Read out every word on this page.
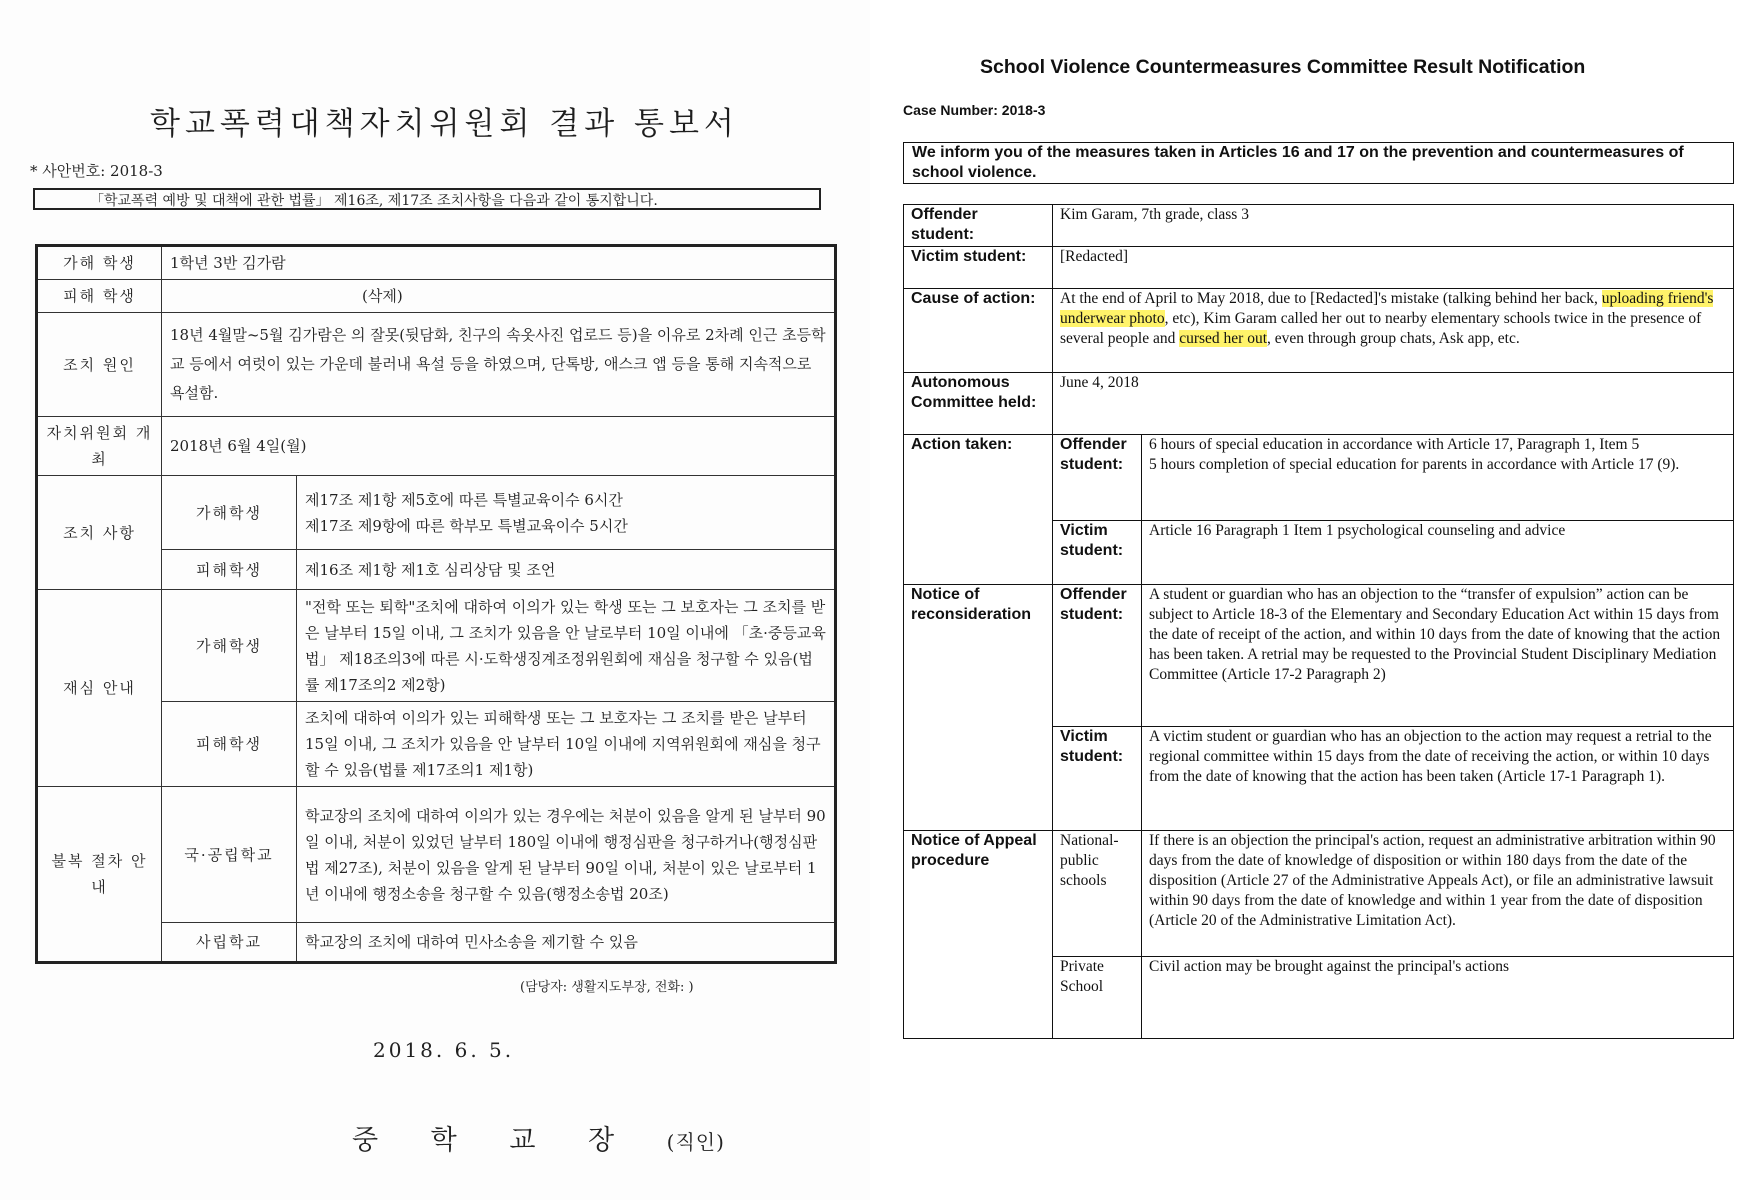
학교폭력대책자치위원회 결과 통보서
* 사안번호: 2018-3
「학교폭력 예방 및 대책에 관한 법률」 제16조, 제17조 조치사항을 다음과 같이 통지합니다.
가해 학생	1학년 3반 김가람	
피해 학생	(삭제)	
조치 원인	18년 4월말~5월 김가람은 의 잘못(뒷담화, 친구의 속옷사진 업로드 등)을 이유로 2차례 인근 초등학교 등에서 여럿이 있는 가운데 불러내 욕설 등을 하였으며, 단톡방, 애스크 앱 등을 통해 지속적으로 욕설함.	
자치위원회 개최	2018년 6월 4일(월)	
조치 사항	가해학생	제17조 제1항 제5호에 따른 특별교육이수 6시간
제17조 제9항에 따른 학부모 특별교육이수 5시간

	피해학생	제16조 제1항 제1호 심리상담 및 조언
재심 안내	가해학생	"전학 또는 퇴학"조치에 대하여 이의가 있는 학생 또는 그 보호자는 그 조치를 받은 날부터 15일 이내, 그 조치가 있음을 안 날로부터 10일 이내에 「초·중등교육법」 제18조의3에 따른 시·도학생징계조정위원회에 재심을 청구할 수 있음(법률 제17조의2 제2항)
	피해학생	조치에 대하여 이의가 있는 피해학생 또는 그 보호자는 그 조치를 받은 날부터 15일 이내, 그 조치가 있음을 안 날부터 10일 이내에 지역위원회에 재심을 청구할 수 있음(법률 제17조의1 제1항)
불복 절차 안내	국·공립학교	학교장의 조치에 대하여 이의가 있는 경우에는 처분이 있음을 알게 된 날부터 90일 이내, 처분이 있었던 날부터 180일 이내에 행정심판을 청구하거나(행정심판법 제27조), 처분이 있음을 알게 된 날부터 90일 이내, 처분이 있은 날로부터 1년 이내에 행정소송을 청구할 수 있음(행정소송법 20조)
	사립학교	학교장의 조치에 대하여 민사소송을 제기할 수 있음
(담당자: 생활지도부장, 전화: )
2018. 6. 5.
중 학 교 장 (직인)
School Violence Countermeasures Committee Result Notification
Case Number: 2018-3
We inform you of the measures taken in Articles 16 and 17 on the prevention and countermeasures of school violence.
Offender student:	Kim Garam, 7th grade, class 3	
Victim student:	[Redacted]	
Cause of action:	At the end of April to May 2018, due to [Redacted]'s mistake (talking behind her back, uploading friend's underwear photo, etc), Kim Garam called her out to nearby elementary schools twice in the presence of several people and cursed her out, even through group chats, Ask app, etc.	
Autonomous Committee held:	June 4, 2018	
Action taken:	Offender student:	6 hours of special education in accordance with Article 17, Paragraph 1, Item 5
5 hours completion of special education for parents in accordance with Article 17 (9).

	Victim student:	Article 16 Paragraph 1 Item 1 psychological counseling and advice
Notice of reconsideration	Offender student:	A student or guardian who has an objection to the “transfer of expulsion” action can be subject to Article 18-3 of the Elementary and Secondary Education Act within 15 days from the date of receipt of the action, and within 10 days from the date of knowing that the action has been taken. A retrial may be requested to the Provincial Student Disciplinary Mediation Committee (Article 17-2 Paragraph 2)
	Victim student:	A victim student or guardian who has an objection to the action may request a retrial to the regional committee within 15 days from the date of receiving the action, or within 10 days from the date of knowing that the action has been taken (Article 17-1 Paragraph 1).
Notice of Appeal procedure	National-public schools	If there is an objection the principal's action, request an administrative arbitration within 90 days from the date of knowledge of disposition or within 180 days from the date of the disposition (Article 27 of the Administrative Appeals Act), or file an administrative lawsuit within 90 days from the date of knowledge and within 1 year from the date of disposition (Article 20 of the Administrative Limitation Act).
	Private School	Civil action may be brought against the principal's actions
